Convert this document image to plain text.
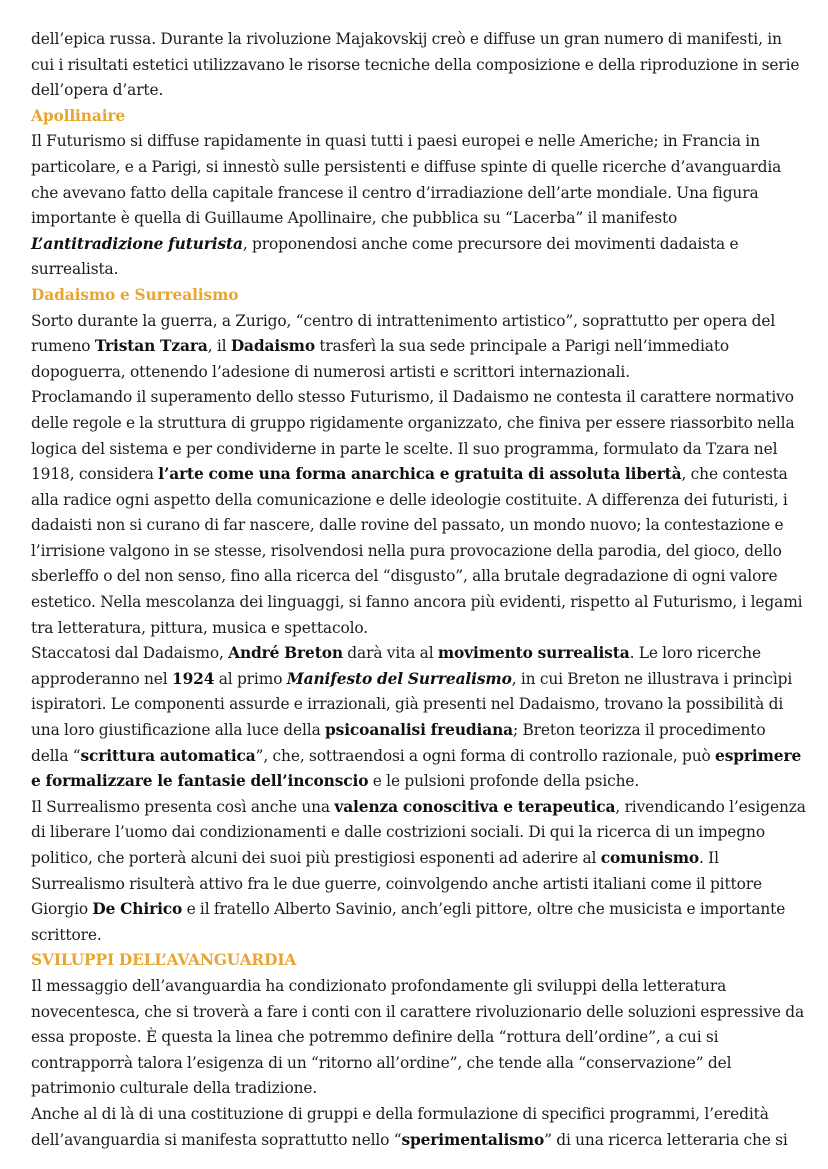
dell’epica russa. Durante la rivoluzione Majakovskij creò e diffuse un gran numero di manifesti, in cui i risultati estetici utilizzavano le risorse tecniche della composizione e della riproduzione in serie dell’opera d’arte.

Apollinaire

Il Futurismo si diffuse rapidamente in quasi tutti i paesi europei e nelle Americhe; in Francia in particolare, e a Parigi, si innestò sulle persistenti e diffuse spinte di quelle ricerche d’avanguardia che avevano fatto della capitale francese il centro d’irradiazione dell’arte mondiale. Una figura importante è quella di Guillaume Apollinaire, che pubblica su “Lacerba” il manifesto L’antitradizione futurista, proponendosi anche come precursore dei movimenti dadaista e surrealista.

Dadaismo e Surrealismo

Sorto durante la guerra, a Zurigo, “centro di intrattenimento artistico”, soprattutto per opera del rumeno Tristan Tzara, il Dadaismo trasferì la sua sede principale a Parigi nell’immediato dopoguerra, ottenendo l’adesione di numerosi artisti e scrittori internazionali.

Proclamando il superamento dello stesso Futurismo, il Dadaismo ne contesta il carattere normativo delle regole e la struttura di gruppo rigidamente organizzato, che finiva per essere riassorbito nella logica del sistema e per condividerne in parte le scelte. Il suo programma, formulato da Tzara nel 1918, considera l’arte come una forma anarchica e gratuita di assoluta libertà, che contesta alla radice ogni aspetto della comunicazione e delle ideologie costituite. A differenza dei futuristi, i dadaisti non si curano di far nascere, dalle rovine del passato, un mondo nuovo; la contestazione e l’irrisione valgono in se stesse, risolvendosi nella pura provocazione della parodia, del gioco, dello sberleffo o del non senso, fino alla ricerca del “disgusto”, alla brutale degradazione di ogni valore estetico. Nella mescolanza dei linguaggi, si fanno ancora più evidenti, rispetto al Futurismo, i legami tra letteratura, pittura, musica e spettacolo.

Staccatosi dal Dadaismo, André Breton darà vita al movimento surrealista. Le loro ricerche approderanno nel 1924 al primo Manifesto del Surrealismo, in cui Breton ne illustrava i princìpi ispiratori. Le componenti assurde e irrazionali, già presenti nel Dadaismo, trovano la possibilità di una loro giustificazione alla luce della psicoanalisi freudiana; Breton teorizza il procedimento della “scrittura automatica”, che, sottraendosi a ogni forma di controllo razionale, può esprimere e formalizzare le fantasie dell’inconscio e le pulsioni profonde della psiche.

Il Surrealismo presenta così anche una valenza conoscitiva e terapeutica, rivendicando l’esigenza di liberare l’uomo dai condizionamenti e dalle costrizioni sociali. Di qui la ricerca di un impegno politico, che porterà alcuni dei suoi più prestigiosi esponenti ad aderire al comunismo. Il Surrealismo risulterà attivo fra le due guerre, coinvolgendo anche artisti italiani come il pittore Giorgio De Chirico e il fratello Alberto Savinio, anch’egli pittore, oltre che musicista e importante scrittore.

SVILUPPI DELL’AVANGUARDIA

Il messaggio dell’avanguardia ha condizionato profondamente gli sviluppi della letteratura novecentesca, che si troverà a fare i conti con il carattere rivoluzionario delle soluzioni espressive da essa proposte. È questa la linea che potremmo definire della “rottura dell’ordine”, a cui si contrapporrà talora l’esigenza di un “ritorno all’ordine”, che tende alla “conservazione” del patrimonio culturale della tradizione.

Anche al di là di una costituzione di gruppi e della formulazione di specifici programmi, l’eredità dell’avanguardia si manifesta soprattutto nello “sperimentalismo” di una ricerca letteraria che si
